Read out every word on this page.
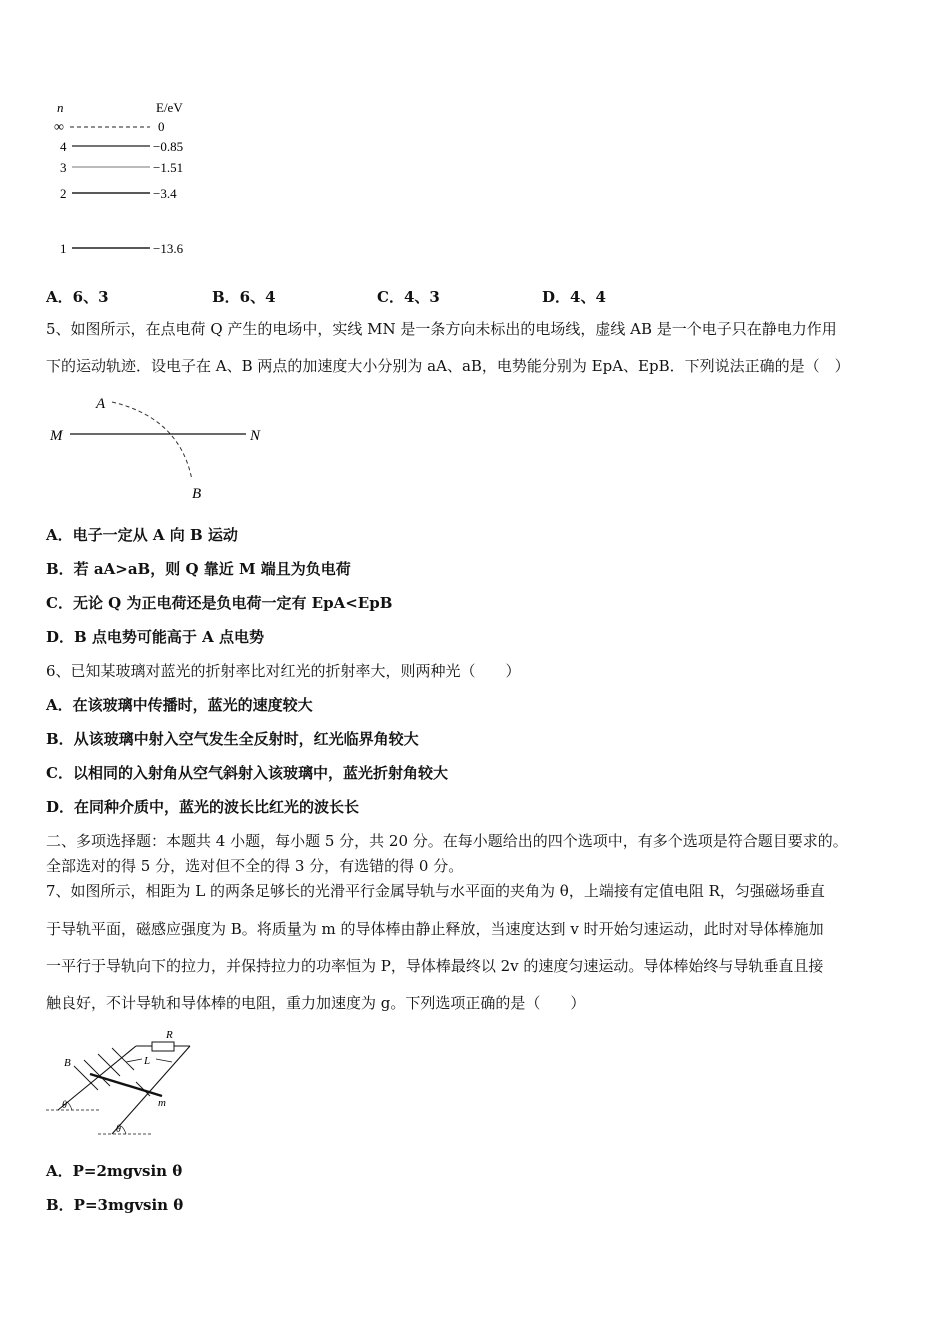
n	E/eV
∞	0
4	−0.85
3	−1.51
2	−3.4
1	−13.6
A．6、3	B．6、4	C．4、3	D．4、4
5、如图所示，在点电荷 Q 产生的电场中，实线 MN 是一条方向未标出的电场线，虚线 AB 是一个电子只在静电力作用
下的运动轨迹．设电子在 A、B 两点的加速度大小分别为 aA、aB，电势能分别为 EpA、EpB．下列说法正确的是（　）
A
M	N
B
A．电子一定从 A 向 B 运动
B．若 aA>aB，则 Q 靠近 M 端且为负电荷
C．无论 Q 为正电荷还是负电荷一定有 EpA<EpB
D．B 点电势可能高于 A 点电势
6、已知某玻璃对蓝光的折射率比对红光的折射率大，则两种光（　　）
A．在该玻璃中传播时，蓝光的速度较大
B．从该玻璃中射入空气发生全反射时，红光临界角较大
C．以相同的入射角从空气斜射入该玻璃中，蓝光折射角较大
D．在同种介质中，蓝光的波长比红光的波长长
二、多项选择题：本题共 4 小题，每小题 5 分，共 20 分。在每小题给出的四个选项中，有多个选项是符合题目要求的。
全部选对的得 5 分，选对但不全的得 3 分，有选错的得 0 分。
7、如图所示，相距为 L 的两条足够长的光滑平行金属导轨与水平面的夹角为 θ，上端接有定值电阻 R，匀强磁场垂直
于导轨平面，磁感应强度为 B。将质量为 m 的导体棒由静止释放，当速度达到 v 时开始匀速运动，此时对导体棒施加
一平行于导轨向下的拉力，并保持拉力的功率恒为 P，导体棒最终以 2v 的速度匀速运动。导体棒始终与导轨垂直且接
触良好，不计导轨和导体棒的电阻，重力加速度为 g。下列选项正确的是（　　）
R
L
m
B
θ
θ
A．P=2mgvsin θ
B．P=3mgvsin θ
